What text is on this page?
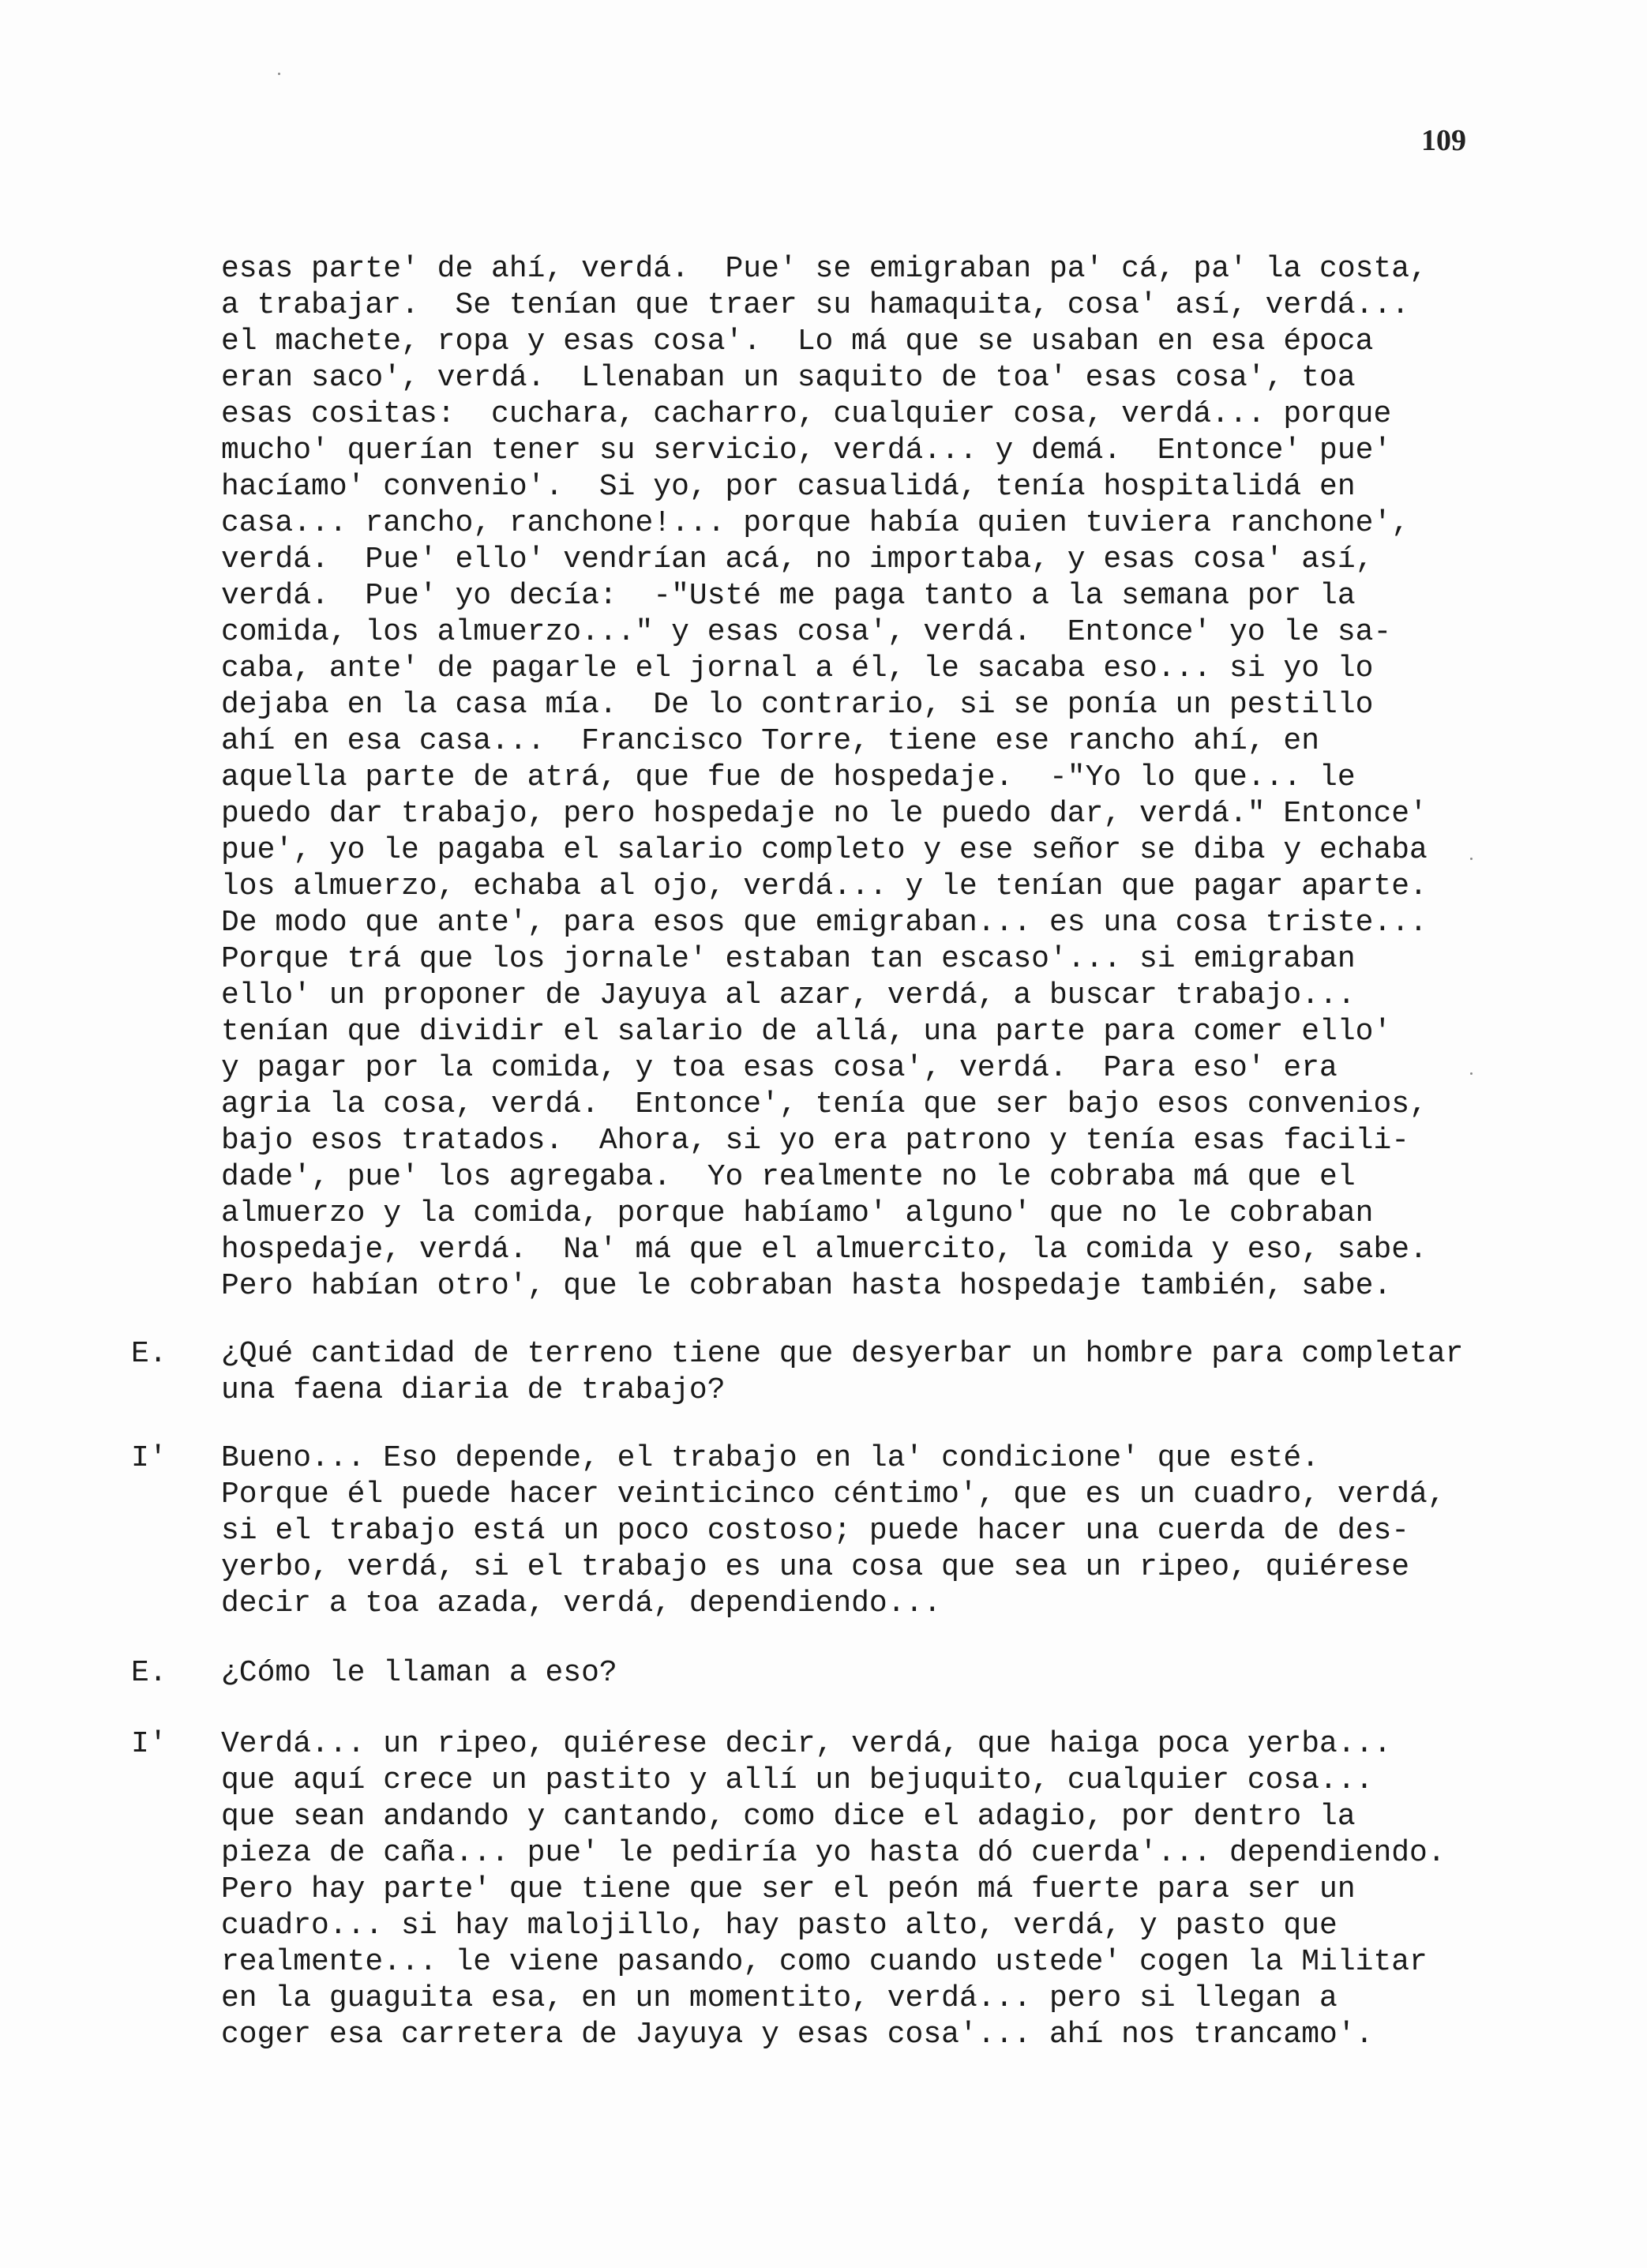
109
esas parte' de ahí, verdá.  Pue' se emigraban pa' cá, pa' la costa,
a trabajar.  Se tenían que traer su hamaquita, cosa' así, verdá...
el machete, ropa y esas cosa'.  Lo má que se usaban en esa época
eran saco', verdá.  Llenaban un saquito de toa' esas cosa', toa
esas cositas:  cuchara, cacharro, cualquier cosa, verdá... porque
mucho' querían tener su servicio, verdá... y demá.  Entonce' pue'
hacíamo' convenio'.  Si yo, por casualidá, tenía hospitalidá en
casa... rancho, ranchone!... porque había quien tuviera ranchone',
verdá.  Pue' ello' vendrían acá, no importaba, y esas cosa' así,
verdá.  Pue' yo decía:  -"Usté me paga tanto a la semana por la
comida, los almuerzo..." y esas cosa', verdá.  Entonce' yo le sa-
caba, ante' de pagarle el jornal a él, le sacaba eso... si yo lo
dejaba en la casa mía.  De lo contrario, si se ponía un pestillo
ahí en esa casa...  Francisco Torre, tiene ese rancho ahí, en
aquella parte de atrá, que fue de hospedaje.  -"Yo lo que... le
puedo dar trabajo, pero hospedaje no le puedo dar, verdá." Entonce'
pue', yo le pagaba el salario completo y ese señor se diba y echaba
los almuerzo, echaba al ojo, verdá... y le tenían que pagar aparte.
De modo que ante', para esos que emigraban... es una cosa triste...
Porque trá que los jornale' estaban tan escaso'... si emigraban
ello' un proponer de Jayuya al azar, verdá, a buscar trabajo...
tenían que dividir el salario de allá, una parte para comer ello'
y pagar por la comida, y toa esas cosa', verdá.  Para eso' era
agria la cosa, verdá.  Entonce', tenía que ser bajo esos convenios,
bajo esos tratados.  Ahora, si yo era patrono y tenía esas facili-
dade', pue' los agregaba.  Yo realmente no le cobraba má que el
almuerzo y la comida, porque habíamo' alguno' que no le cobraban
hospedaje, verdá.  Na' má que el almuercito, la comida y eso, sabe.
Pero habían otro', que le cobraban hasta hospedaje también, sabe.
E. ¿Qué cantidad de terreno tiene que desyerbar un hombre para completar
una faena diaria de trabajo?
I' Bueno... Eso depende, el trabajo en la' condicione' que esté.
Porque él puede hacer veinticinco céntimo', que es un cuadro, verdá,
si el trabajo está un poco costoso; puede hacer una cuerda de des-
yerbo, verdá, si el trabajo es una cosa que sea un ripeo, quiérese
decir a toa azada, verdá, dependiendo...
E. ¿Cómo le llaman a eso?
I' Verdá... un ripeo, quiérese decir, verdá, que haiga poca yerba...
que aquí crece un pastito y allí un bejuquito, cualquier cosa...
que sean andando y cantando, como dice el adagio, por dentro la
pieza de caña... pue' le pediría yo hasta dó cuerda'... dependiendo.
Pero hay parte' que tiene que ser el peón má fuerte para ser un
cuadro... si hay malojillo, hay pasto alto, verdá, y pasto que
realmente... le viene pasando, como cuando ustede' cogen la Militar
en la guaguita esa, en un momentito, verdá... pero si llegan a
coger esa carretera de Jayuya y esas cosa'... ahí nos trancamo'.
